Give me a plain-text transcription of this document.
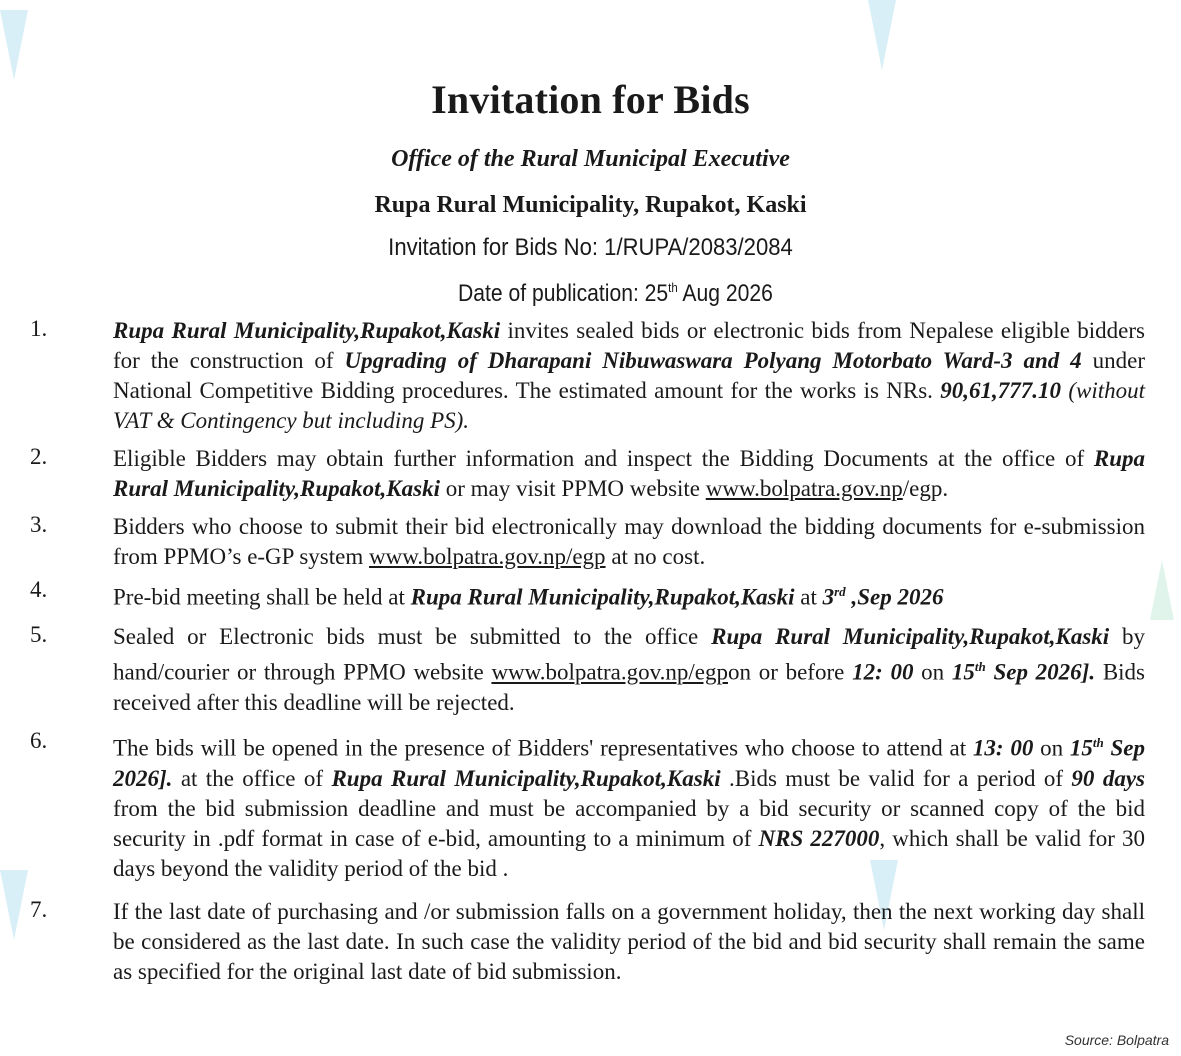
Invitation for Bids
Office of the Rural Municipal Executive
Rupa Rural Municipality, Rupakot, Kaski
Invitation for Bids No: 1/RUPA/2083/2084
Date of publication: 25th Aug 2026
1.	Rupa Rural Municipality,Rupakot,Kaski invites sealed bids or electronic bids from Nepalese eligible bidders for the construction of Upgrading of Dharapani Nibuwaswara Polyang Motorbato Ward-3 and 4 under National Competitive Bidding procedures. The estimated amount for the works is NRs. 90,61,777.10 (without VAT & Contingency but including PS).
2.	Eligible Bidders may obtain further information and inspect the Bidding Documents at the office of Rupa Rural Municipality,Rupakot,Kaski or may visit PPMO website www.bolpatra.gov.np/egp.
3.	Bidders who choose to submit their bid electronically may download the bidding documents for e-submission from PPMO’s e-GP system www.bolpatra.gov.np/egp at no cost.
4.	Pre-bid meeting shall be held at Rupa Rural Municipality,Rupakot,Kaski at 3rd ,Sep 2026
5.	Sealed or Electronic bids must be submitted to the office Rupa Rural Municipality,Rupakot,Kaski by hand/courier or through PPMO website www.bolpatra.gov.np/egpon or before 12: 00 on 15th Sep 2026]. Bids received after this deadline will be rejected.
6.	The bids will be opened in the presence of Bidders' representatives who choose to attend at 13: 00 on 15th Sep 2026]. at the office of Rupa Rural Municipality,Rupakot,Kaski .Bids must be valid for a period of 90 days from the bid submission deadline and must be accompanied by a bid security or scanned copy of the bid security in .pdf format in case of e-bid, amounting to a minimum of NRS 227000, which shall be valid for 30 days beyond the validity period of the bid .
7.	If the last date of purchasing and /or submission falls on a government holiday, then the next working day shall be considered as the last date. In such case the validity period of the bid and bid security shall remain the same as specified for the original last date of bid submission.
Source: Bolpatra
